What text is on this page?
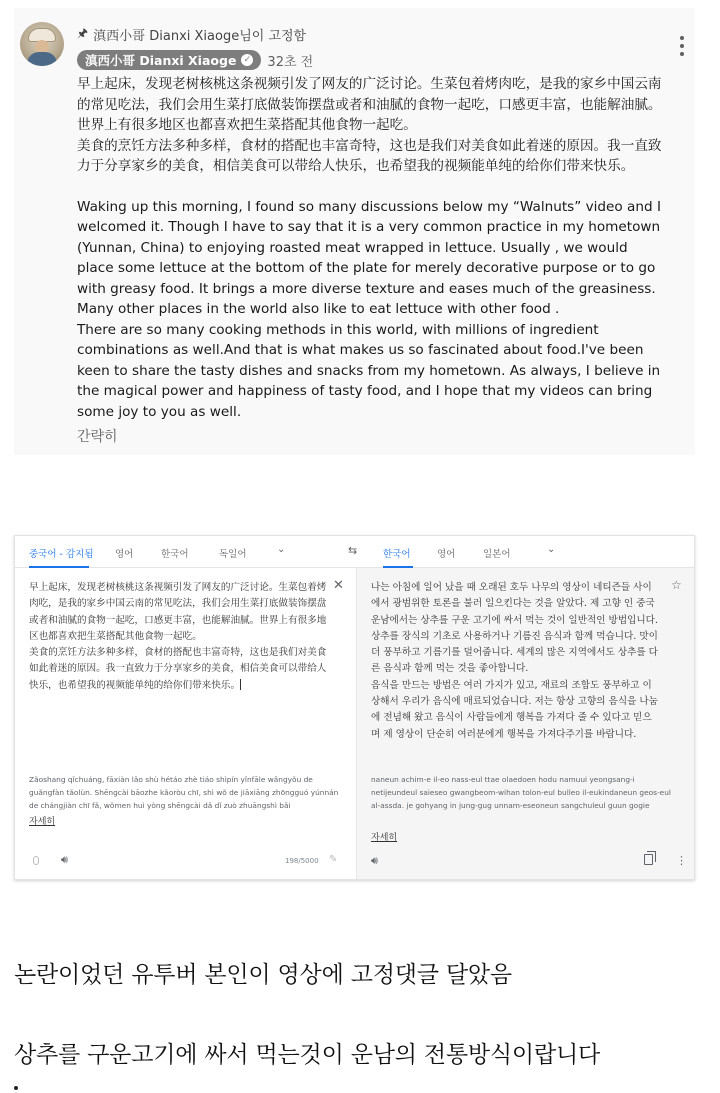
🖈︎ 滇西小哥 Dianxi Xiaoge님이 고정함
滇西小哥 Dianxi Xiaoge ✓ 32초 전

早上起床，发现老树核桃这条视频引发了网友的广泛讨论。生菜包着烤肉吃，是我的家乡中国云南的常见吃法，我们会用生菜打底做装饰摆盘或者和油腻的食物一起吃，口感更丰富，也能解油腻。世界上有很多地区也都喜欢把生菜搭配其他食物一起吃。

美食的烹饪方法多种多样，食材的搭配也丰富奇特，这也是我们对美食如此着迷的原因。我一直致力于分享家乡的美食，相信美食可以带给人快乐，也希望我的视频能单纯的给你们带来快乐。

Waking up this morning, I found so many discussions below my “Walnuts” video and I welcomed it. Though I have to say that it is a very common practice in my hometown (Yunnan, China) to enjoying roasted meat wrapped in lettuce. Usually , we would place some lettuce at the bottom of the plate for merely decorative purpose or to go with greasy food. It brings a more diverse texture and eases much of the greasiness. Many other places in the world also like to eat lettuce with other food .

There are so many cooking methods in this world, with millions of ingredient combinations as well.And that is what makes us so fascinated about food.I've been keen to share the tasty dishes and snacks from my hometown. As always, I believe in the magical power and happiness of tasty food, and I hope that my videos can bring some joy to you as well.

간략히
중국어 - 감지됨 영어	한국어	독일어	⌄	⇆	한국어	영어	일본어	⌄
早上起床，发现老树核桃这条视频引发了网友的广泛讨论。生菜包着烤肉吃，是我的家乡中国云南的常见吃法，我们会用生菜打底做装饰摆盘或者和油腻的食物一起吃，口感更丰富，也能解油腻。世界上有很多地区也都喜欢把生菜搭配其他食物一起吃。
美食的烹饪方法多种多样，食材的搭配也丰富奇特，这也是我们对美食如此着迷的原因。我一直致力于分享家乡的美食，相信美食可以带给人快乐，也希望我的视频能单纯的给你们带来快乐。
✕
Zǎoshang qǐchuáng, fāxiàn lǎo shù hétáo zhè tiáo shìpín yǐnfāle wǎngyǒu de guǎngfàn tǎolùn. Shēngcài bāozhe kǎoròu chī, shì wǒ de jiāxiāng zhōngguó yúnnán de chángjiàn chī fǎ, wǒmen huì yòng shēngcài dǎ dǐ zuò zhuāngshì bǎi
자세히
🔊︎	198/5000 ✎
나는 아침에 일어 났을 때 오래된 호두 나무의 영상이 네티즌들 사이에서 광범위한 토론을 불러 일으킨다는 것을 알았다. 제 고향 인 중국 운남에서는 상추를 구운 고기에 싸서 먹는 것이 일반적인 방법입니다. 상추를 장식의 기초로 사용하거나 기름진 음식과 함께 먹습니다. 맛이 더 풍부하고 기름기를 덜어줍니다. 세계의 많은 지역에서도 상추를 다른 음식과 함께 먹는 것을 좋아합니다.
음식을 만드는 방법은 여러 가지가 있고, 재료의 조합도 풍부하고 이상해서 우리가 음식에 매료되었습니다. 저는 항상 고향의 음식을 나눔에 전념해 왔고 음식이 사람들에게 행복을 가져다 줄 수 있다고 믿으며 제 영상이 단순히 여러분에게 행복을 가져다주기를 바랍니다.
☆
naneun achim-e il-eo nass-eul ttae olaedoen hodu namuui yeongsang-i netijeundeul saieseo gwangbeom-wihan tolon-eul bulleo il-eukindaneun geos-eul al-assda. je gohyang in jung-gug unnam-eseoneun sangchuleul guun gogie
자세히
🔊︎	⋮
논란이었던 유투버 본인이 영상에 고정댓글 달았음
상추를 구운고기에 싸서 먹는것이 운남의 전통방식이랍니다
